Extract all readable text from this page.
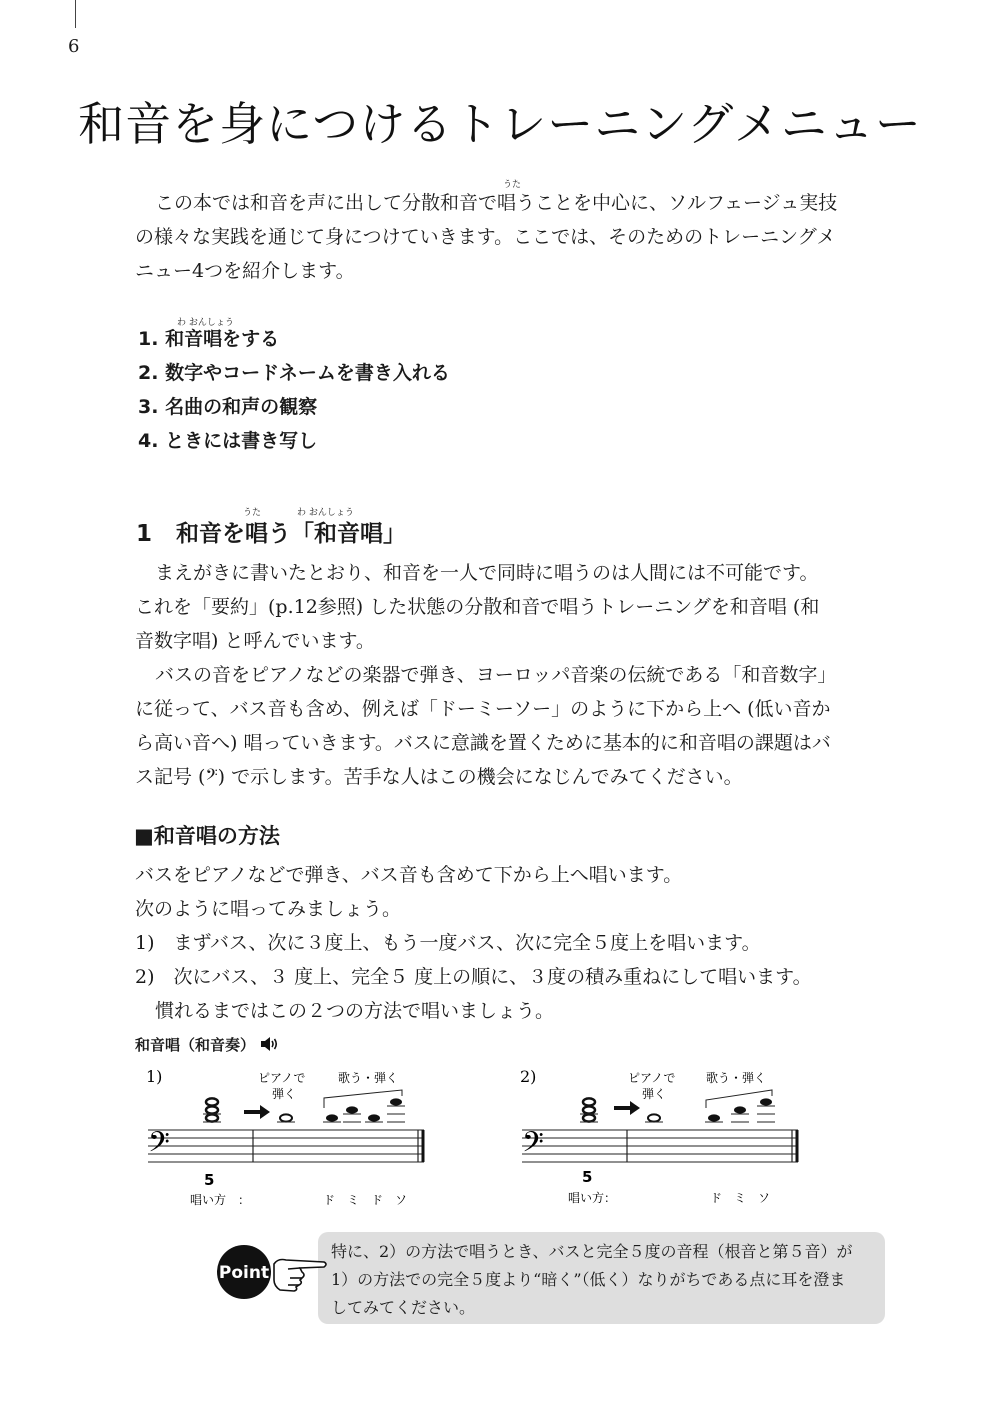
6
和音を身につけるトレーニングメニュー
うた
この本では和音を声に出して分散和音で唱うことを中心に、ソルフェージュ実技
の様々な実践を通じて身につけていきます。ここでは、そのためのトレーニングメ
ニュー4つを紹介します。
わ おんしょう
1. 和音唱をする
2. 数字やコードネームを書き入れる
3. 名曲の和声の観察
4. ときには書き写し
うた	わ おんしょう
1 和音を唱う「和音唱」
まえがきに書いたとおり、和音を一人で同時に唱うのは人間には不可能です。
これを「要約」(p.12参照) した状態の分散和音で唱うトレーニングを和音唱 (和
音数字唱) と呼んでいます。
バスの音をピアノなどの楽器で弾き、ヨーロッパ音楽の伝統である「和音数字」
に従って、バス音も含め、例えば「ドーミーソー」のように下から上へ (低い音か
ら高い音へ) 唱っていきます。バスに意識を置くために基本的に和音唱の課題はバ
ス記号 (𝄢) で示します。苦手な人はこの機会になじんでみてください。
■和音唱の方法
バスをピアノなどで弾き、バス音も含めて下から上へ唱います。
次のように唱ってみましょう。
1)　まずバス、次に３度上、もう一度バス、次に完全５度上を唱います。
2)　次にバス、３ 度上、完全５ 度上の順に、３度の積み重ねにして唱います。
慣れるまではこの２つの方法で唱いましょう。
和音唱（和音奏）
1)
𝄢
ピアノで
弾く
歌う・弾く
5
唱い方　：	ド　ミ　ド　ソ
2)
𝄢
ピアノで
弾く
歌う・弾く
5
唱い方：	ド　ミ　ソ
Point
特に、2）の方法で唱うとき、バスと完全５度の音程（根音と第５音）が
1）の方法での完全５度より“暗く”（低く）なりがちである点に耳を澄ま
してみてください。
